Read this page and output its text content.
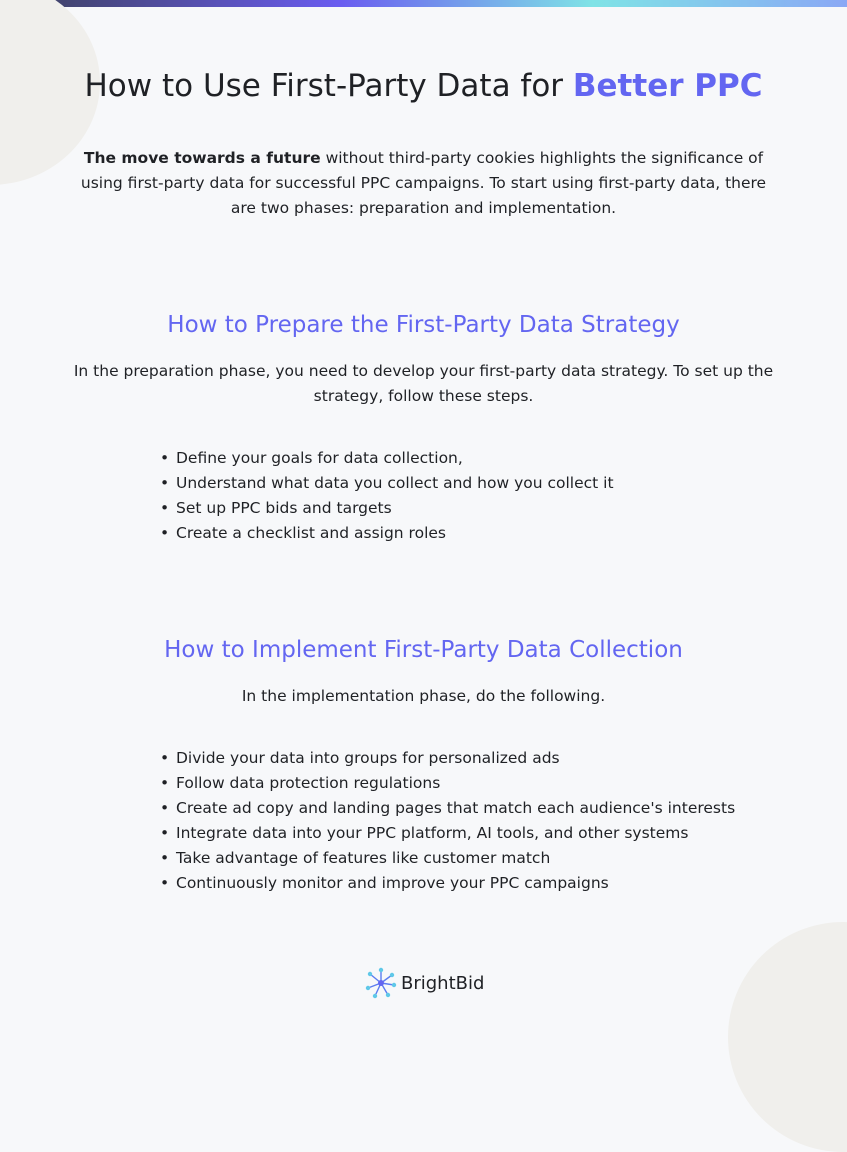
How to Use First-Party Data for Better PPC

The move towards a future without third-party cookies highlights the significance of using first-party data for successful PPC campaigns. To start using first-party data, there are two phases: preparation and implementation.

How to Prepare the First-Party Data Strategy

In the preparation phase, you need to develop your first-party data strategy. To set up the strategy, follow these steps.

• Define your goals for data collection,
• Understand what data you collect and how you collect it
• Set up PPC bids and targets
• Create a checklist and assign roles
How to Implement First-Party Data Collection

In the implementation phase, do the following.

• Divide your data into groups for personalized ads
• Follow data protection regulations
• Create ad copy and landing pages that match each audience's interests
• Integrate data into your PPC platform, AI tools, and other systems
• Take advantage of features like customer match
• Continuously monitor and improve your PPC campaigns
BrightBid
